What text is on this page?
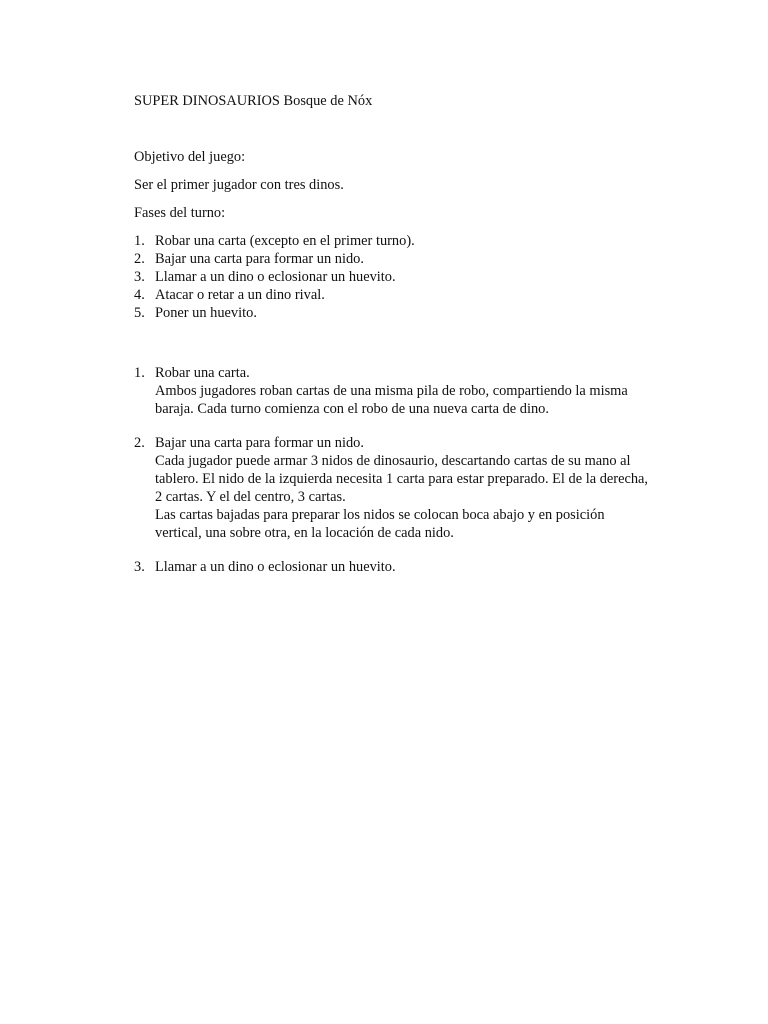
SUPER DINOSAURIOS Bosque de Nóx
Objetivo del juego:

Ser el primer jugador con tres dinos.

Fases del turno:
1. Robar una carta (excepto en el primer turno).
2. Bajar una carta para formar un nido.
3. Llamar a un dino o eclosionar un huevito.
4. Atacar o retar a un dino rival.
5. Poner un huevito.
1. Robar una carta.

Ambos jugadores roban cartas de una misma pila de robo, compartiendo la misma

baraja. Cada turno comienza con el robo de una nueva carta de dino.

2. Bajar una carta para formar un nido.

Cada jugador puede armar 3 nidos de dinosaurio, descartando cartas de su mano al

tablero. El nido de la izquierda necesita 1 carta para estar preparado. El de la derecha,

2 cartas. Y el del centro, 3 cartas.

Las cartas bajadas para preparar los nidos se colocan boca abajo y en posición

vertical, una sobre otra, en la locación de cada nido.

3. Llamar a un dino o eclosionar un huevito.
